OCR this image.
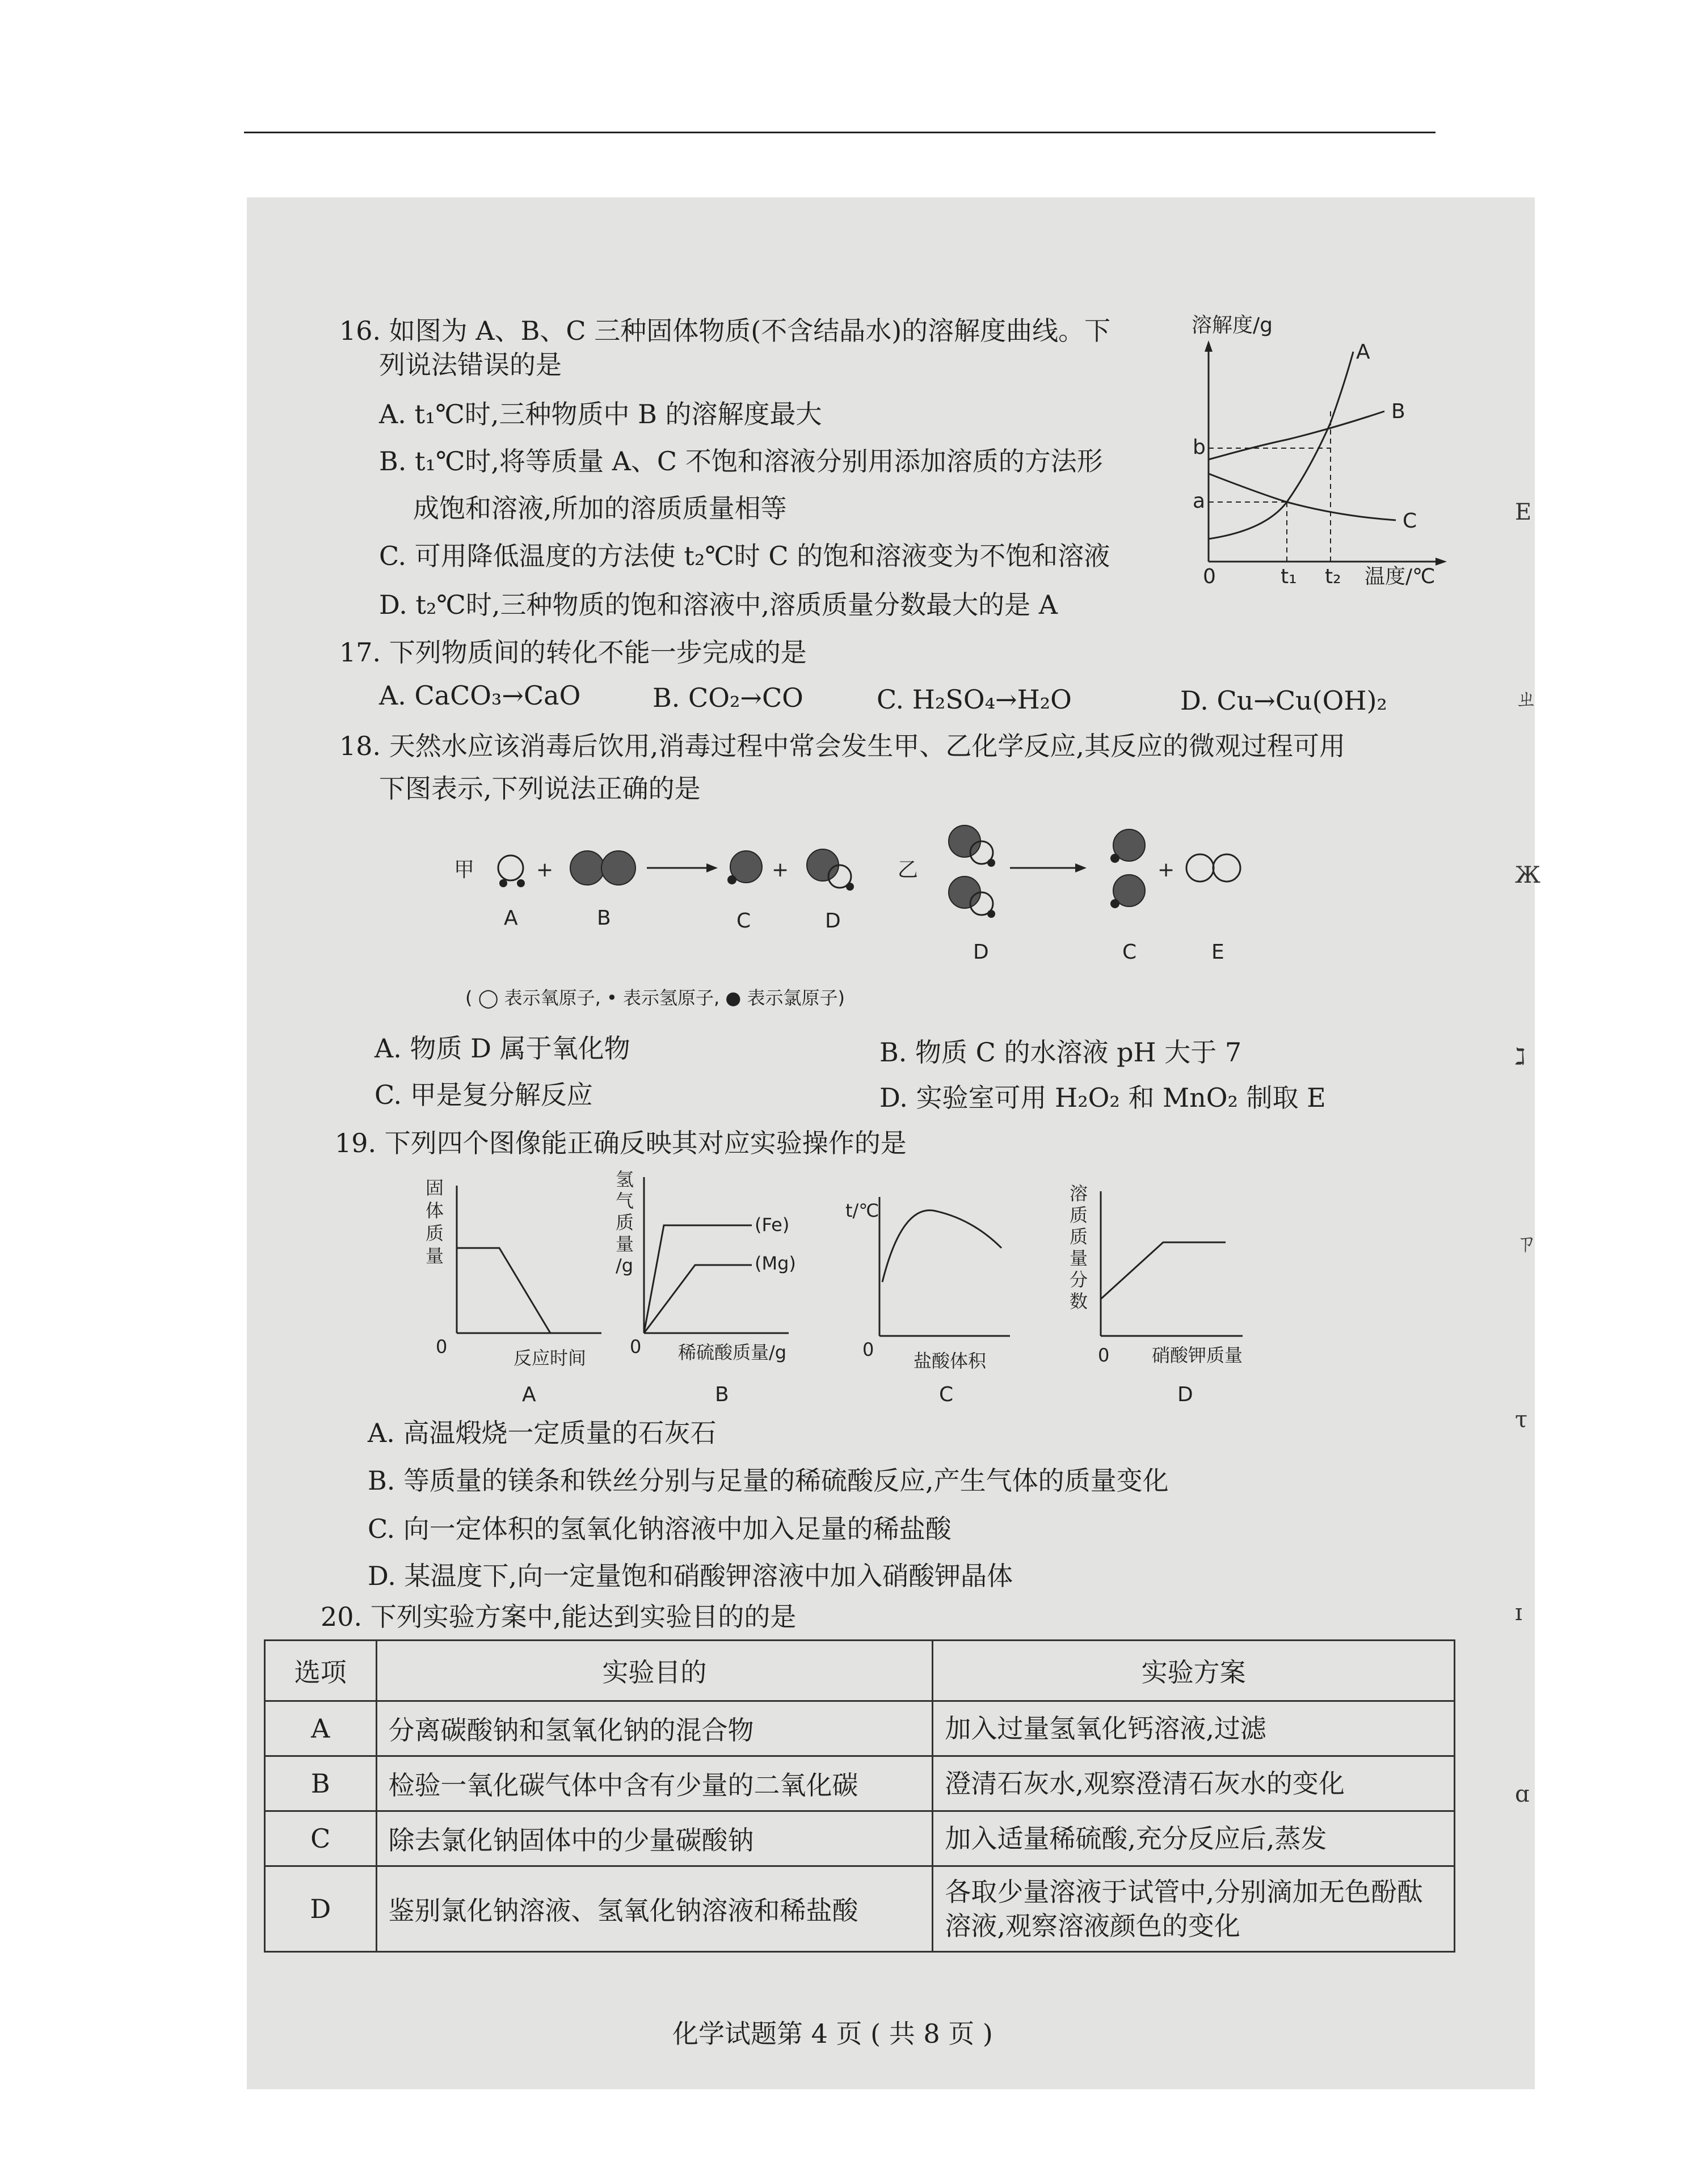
16. 如图为 A、B、C 三种固体物质(不含结晶水)的溶解度曲线。下
列说法错误的是
A. t₁℃时,三种物质中 B 的溶解度最大
B. t₁℃时,将等质量 A、C 不饱和溶液分别用添加溶质的方法形
成饱和溶液,所加的溶质质量相等
C. 可用降低温度的方法使 t₂℃时 C 的饱和溶液变为不饱和溶液
D. t₂℃时,三种物质的饱和溶液中,溶质质量分数最大的是 A
溶解度/g
0	t₁ t₂ 温度/℃
b
a
A
B
C
17. 下列物质间的转化不能一步完成的是
A. CaCO₃→CaO	B. CO₂→CO	C. H₂SO₄→H₂O	D. Cu→Cu(OH)₂
18. 天然水应该消毒后饮用,消毒过程中常会发生甲、乙化学反应,其反应的微观过程可用
下图表示,下列说法正确的是
甲	+	+
A	B	C	D
乙	+
D	C	E
( ◯ 表示氧原子, • 表示氢原子, ● 表示氯原子)
A. 物质 D 属于氧化物	B. 物质 C 的水溶液 pH 大于 7
C. 甲是复分解反应	D. 实验室可用 H₂O₂ 和 MnO₂ 制取 E
19. 下列四个图像能正确反映其对应实验操作的是
固
体
质
量
0
反应时间
A
氢
气
质
量
/g
(Fe)
(Mg)
0 稀硫酸质量/g
B
t/℃
0
盐酸体积
C
溶
质
质
量
分
数
0 硝酸钾质量
D
A. 高温煅烧一定质量的石灰石
B. 等质量的镁条和铁丝分别与足量的稀硫酸反应,产生气体的质量变化
C. 向一定体积的氢氧化钠溶液中加入足量的稀盐酸
D. 某温度下,向一定量饱和硝酸钾溶液中加入硝酸钾晶体
20. 下列实验方案中,能达到实验目的的是
选项	实验目的	实验方案
A	分离碳酸钠和氢氧化钠的混合物	加入过量氢氧化钙溶液,过滤
B	检验一氧化碳气体中含有少量的二氧化碳	澄清石灰水,观察澄清石灰水的变化
C	除去氯化钠固体中的少量碳酸钠	加入适量稀硫酸,充分反应后,蒸发
D	鉴别氯化钠溶液、氢氧化钠溶液和稀盐酸	各取少量溶液于试管中,分别滴加无色酚酞溶液,观察溶液颜色的变化
化学试题第 4 页 ( 共 8 页 )
E
ㄓ
Ж
ℷ
ㄗ
τ
ɪ
ɑ
